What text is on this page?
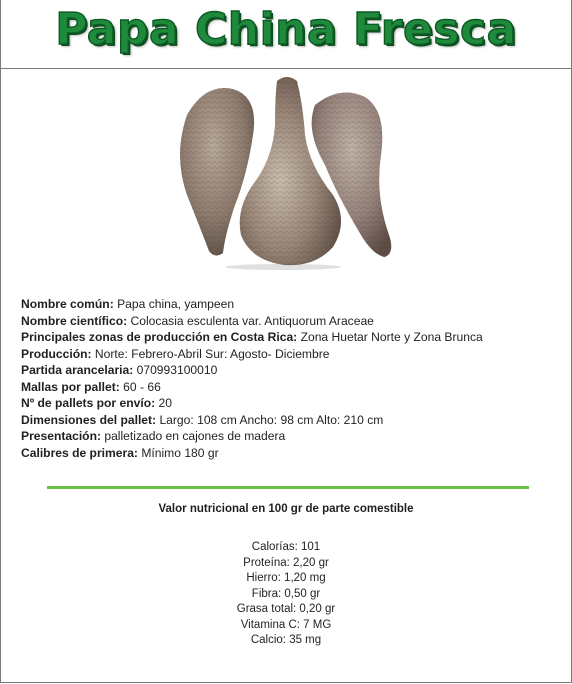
Papa China Fresca
Nombre común: Papa china, yampeen
Nombre científico: Colocasia esculenta var. Antiquorum Araceae
Principales zonas de producción en Costa Rica: Zona Huetar Norte y Zona Brunca
Producción: Norte: Febrero-Abril Sur: Agosto- Diciembre
Partida arancelaria: 070993100010
Mallas por pallet: 60 - 66
Nº de pallets por envío: 20
Dimensiones del pallet: Largo: 108 cm Ancho: 98 cm Alto: 210 cm
Presentación: palletizado en cajones de madera
Calibres de primera: Mínimo 180 gr
Valor nutricional en 100 gr de parte comestible
Calorías: 101
Proteína: 2,20 gr
Hierro: 1,20 mg
Fibra: 0,50 gr
Grasa total: 0,20 gr
Vitamina C: 7 MG
Calcio: 35 mg
